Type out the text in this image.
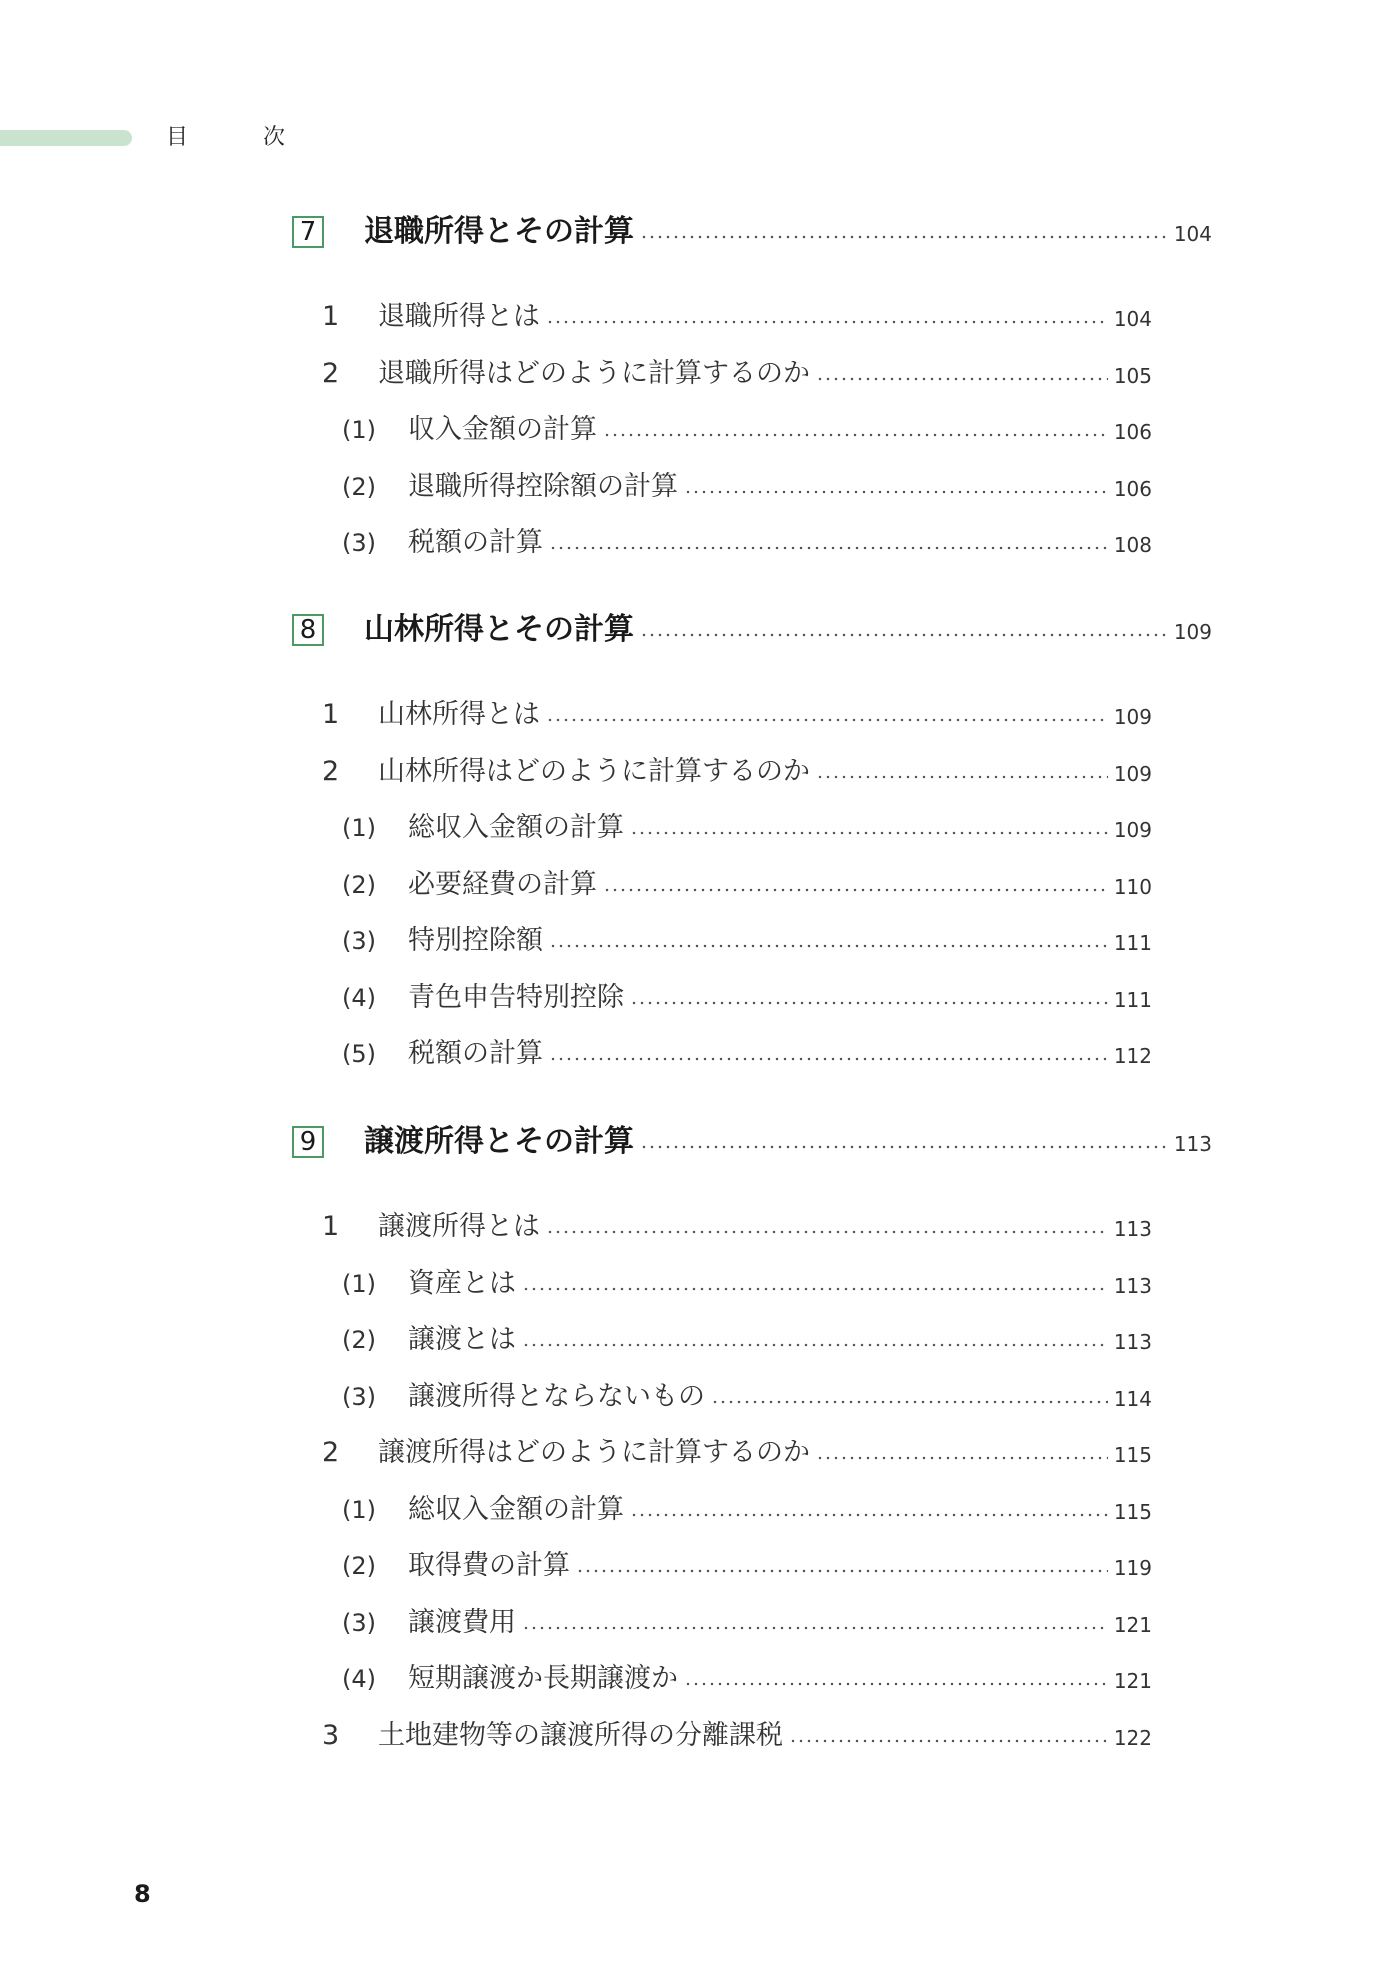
目 次
7 退職所得とその計算	104
1	退職所得とは	104
2	退職所得はどのように計算するのか	105
(1)	収入金額の計算	106
(2)	退職所得控除額の計算	106
(3)	税額の計算	108
8 山林所得とその計算	109
1	山林所得とは	109
2	山林所得はどのように計算するのか	109
(1)	総収入金額の計算	109
(2)	必要経費の計算	110
(3)	特別控除額	111
(4)	青色申告特別控除	111
(5)	税額の計算	112
9 譲渡所得とその計算	113
1	譲渡所得とは	113
(1)	資産とは	113
(2)	譲渡とは	113
(3)	譲渡所得とならないもの	114
2	譲渡所得はどのように計算するのか	115
(1)	総収入金額の計算	115
(2)	取得費の計算	119
(3)	譲渡費用	121
(4)	短期譲渡か長期譲渡か	121
3	土地建物等の譲渡所得の分離課税	122
8
